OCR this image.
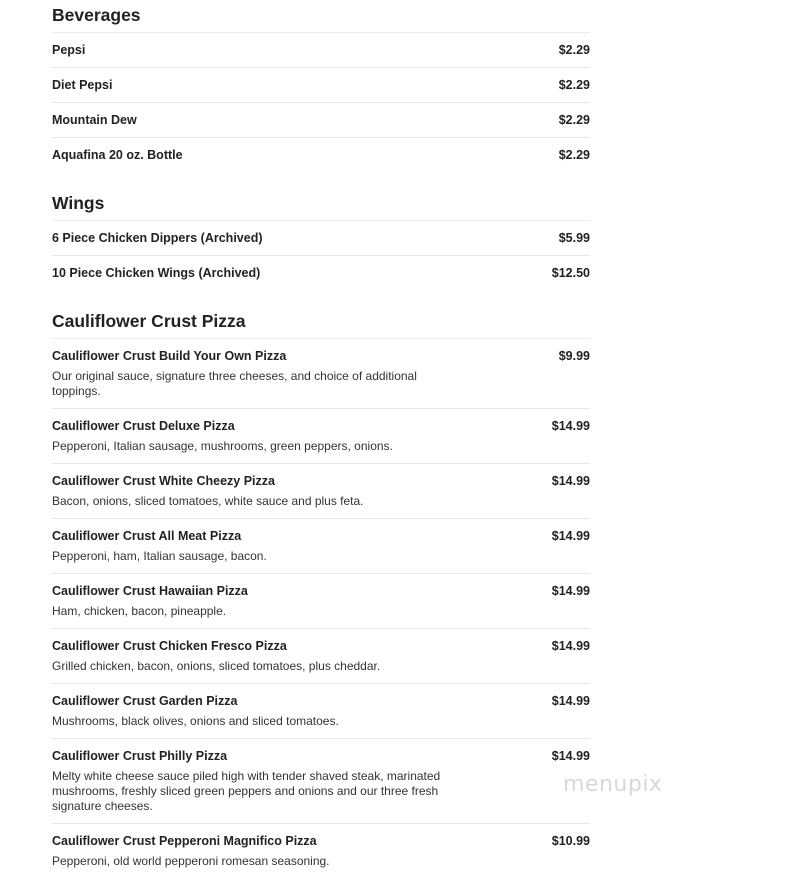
Beverages
Pepsi	$2.29
Diet Pepsi	$2.29
Mountain Dew	$2.29
Aquafina 20 oz. Bottle	$2.29
Wings
6 Piece Chicken Dippers (Archived)	$5.99
10 Piece Chicken Wings (Archived)	$12.50
Cauliflower Crust Pizza
Cauliflower Crust Build Your Own Pizza	$9.99
Our original sauce, signature three cheeses, and choice of additional toppings.
Cauliflower Crust Deluxe Pizza	$14.99
Pepperoni, Italian sausage, mushrooms, green peppers, onions.
Cauliflower Crust White Cheezy Pizza	$14.99
Bacon, onions, sliced tomatoes, white sauce and plus feta.
Cauliflower Crust All Meat Pizza	$14.99
Pepperoni, ham, Italian sausage, bacon.
Cauliflower Crust Hawaiian Pizza	$14.99
Ham, chicken, bacon, pineapple.
Cauliflower Crust Chicken Fresco Pizza	$14.99
Grilled chicken, bacon, onions, sliced tomatoes, plus cheddar.
Cauliflower Crust Garden Pizza	$14.99
Mushrooms, black olives, onions and sliced tomatoes.
Cauliflower Crust Philly Pizza	$14.99
Melty white cheese sauce piled high with tender shaved steak, marinated mushrooms, freshly sliced green peppers and onions and our three fresh signature cheeses.
Cauliflower Crust Pepperoni Magnifico Pizza	$10.99
Pepperoni, old world pepperoni romesan seasoning.
menupix
